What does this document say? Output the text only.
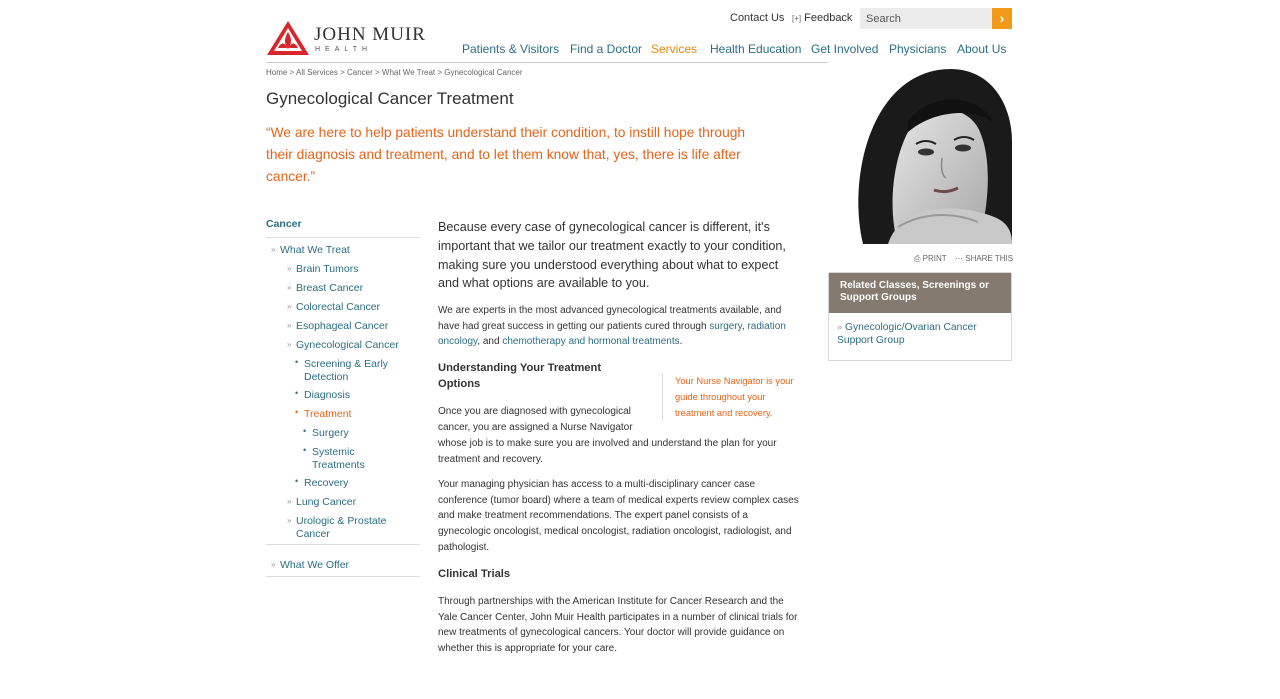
JOHN MUIR
HEALTH
Contact Us [+] Feedback
Search	›
Patients & Visitors Find a Doctor Services Health Education Get Involved Physicians About Us
Home > All Services > Cancer > What We Treat > Gynecological Cancer
Gynecological Cancer Treatment

“We are here to help patients understand their condition, to instill hope through their diagnosis and treatment, and to let them know that, yes, there is life after cancer.”

⎙ PRINT ⋯ SHARE THIS
Related Classes, Screenings or Support Groups
» Gynecologic/Ovarian Cancer Support Group
Cancer
» What We Treat
» Brain Tumors
» Breast Cancer
» Colorectal Cancer
» Esophageal Cancer
» Gynecological Cancer
• Screening & Early Detection
• Diagnosis
• Treatment
• Surgery
• Systemic Treatments
• Recovery
» Lung Cancer
» Urologic & Prostate Cancer
» What We Offer

Because every case of gynecological cancer is different, it's important that we tailor our treatment exactly to your condition, making sure you understood everything about what to expect and what options are available to you.

We are experts in the most advanced gynecological treatments available, and have had great success in getting our patients cured through surgery, radiation oncology, and chemotherapy and hormonal treatments.

Understanding Your Treatment Options	Your Nurse Navigator is your guide throughout your treatment and recovery.

Once you are diagnosed with gynecological cancer, you are assigned a Nurse Navigator

whose job is to make sure you are involved and understand the plan for your treatment and recovery.

Your managing physician has access to a multi-disciplinary cancer case conference (tumor board) where a team of medical experts review complex cases and make treatment recommendations. The expert panel consists of a gynecologic oncologist, medical oncologist, radiation oncologist, radiologist, and pathologist.

Clinical Trials

Through partnerships with the American Institute for Cancer Research and the Yale Cancer Center, John Muir Health participates in a number of clinical trials for new treatments of gynecological cancers. Your doctor will provide guidance on whether this is appropriate for your care.
